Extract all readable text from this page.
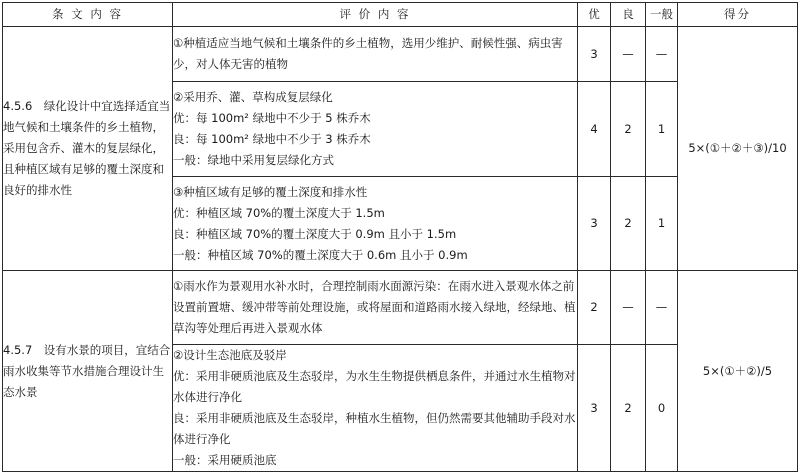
条 文 内 容	评 价 内 容	优	良	一般	得分
4.5.6　绿化设计中宜选择适宜当地气候和土壤条件的乡土植物，采用包含乔、灌木的复层绿化，且种植区域有足够的覆土深度和良好的排水性	①种植适应当地气候和土壤条件的乡土植物，选用少维护、耐候性强、病虫害少，对人体无害的植物	3	—	—	5×(①＋②＋③)/10

	②采用乔、灌、草构成复层绿化
优：每 100m² 绿地中不少于 5 株乔木
良：每 100m² 绿地中不少于 3 株乔木
一般：绿地中采用复层绿化方式	4	2	1	

	③种植区域有足够的覆土深度和排水性
优：种植区域 70%的覆土深度大于 1.5m
良：种植区域 70%的覆土深度大于 0.9m 且小于 1.5m
一般：种植区域 70%的覆土深度大于 0.6m 且小于 0.9m	3	2	1	
4.5.7　设有水景的项目，宜结合雨水收集等节水措施合理设计生态水景	①雨水作为景观用水补水时，合理控制雨水面源污染：在雨水进入景观水体之前设置前置塘、缓冲带等前处理设施，或将屋面和道路雨水接入绿地，经绿地、植草沟等处理后再进入景观水体	2	—	—	5×(①＋②)/5

	②设计生态池底及驳岸
优：采用非硬质池底及生态驳岸，为水生生物提供栖息条件，并通过水生植物对水体进行净化
良：采用非硬质池底及生态驳岸，种植水生植物，但仍然需要其他辅助手段对水体进行净化
一般：采用硬质池底	3	2	0	
